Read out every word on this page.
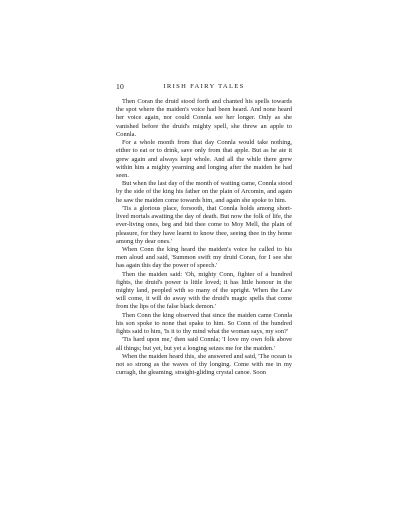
10	IRISH FAIRY TALES

Then Coran the druid stood forth and chanted his spells towards the spot where the maiden's voice had been heard. And none heard her voice again, nor could Connla see her longer. Only as she vanished before the druid's mighty spell, she threw an apple to Connla.

For a whole month from that day Connla would take nothing, either to eat or to drink, save only from that apple. But as he ate it grew again and always kept whole. And all the while there grew within him a mighty yearning and longing after the maiden he had seen.

But when the last day of the month of waiting came, Connla stood by the side of the king his father on the plain of Arcomin, and again he saw the maiden come towards him, and again she spoke to him.

'Tis a glorious place, forsooth, that Connla holds among short-lived mortals awaiting the day of death. But now the folk of life, the ever-living ones, beg and bid thee come to Moy Mell, the plain of pleasure, for they have learnt to know thee, seeing thee in thy home among thy dear ones.'

When Conn the king heard the maiden's voice he called to his men aloud and said, 'Summon swift my druid Coran, for I see she has again this day the power of speech.'

Then the maiden said: 'Oh, mighty Conn, fighter of a hundred fights, the druid's power is little loved; it has little honour in the mighty land, peopled with so many of the upright. When the Law will come, it will do away with the druid's magic spells that come from the lips of the false black demon.'

Then Conn the king observed that since the maiden came Connla his son spoke to none that spake to him. So Conn of the hundred fights said to him, 'Is it to thy mind what the woman says, my son?'

'Tis hard upon me,' then said Connla; 'I love my own folk above all things; but yet, but yet a longing seizes me for the maiden.'

When the maiden heard this, she answered and said, 'The ocean is not so strong as the waves of thy longing. Come with me in my curragh, the gleaming, straight-gliding crystal canoe. Soon
